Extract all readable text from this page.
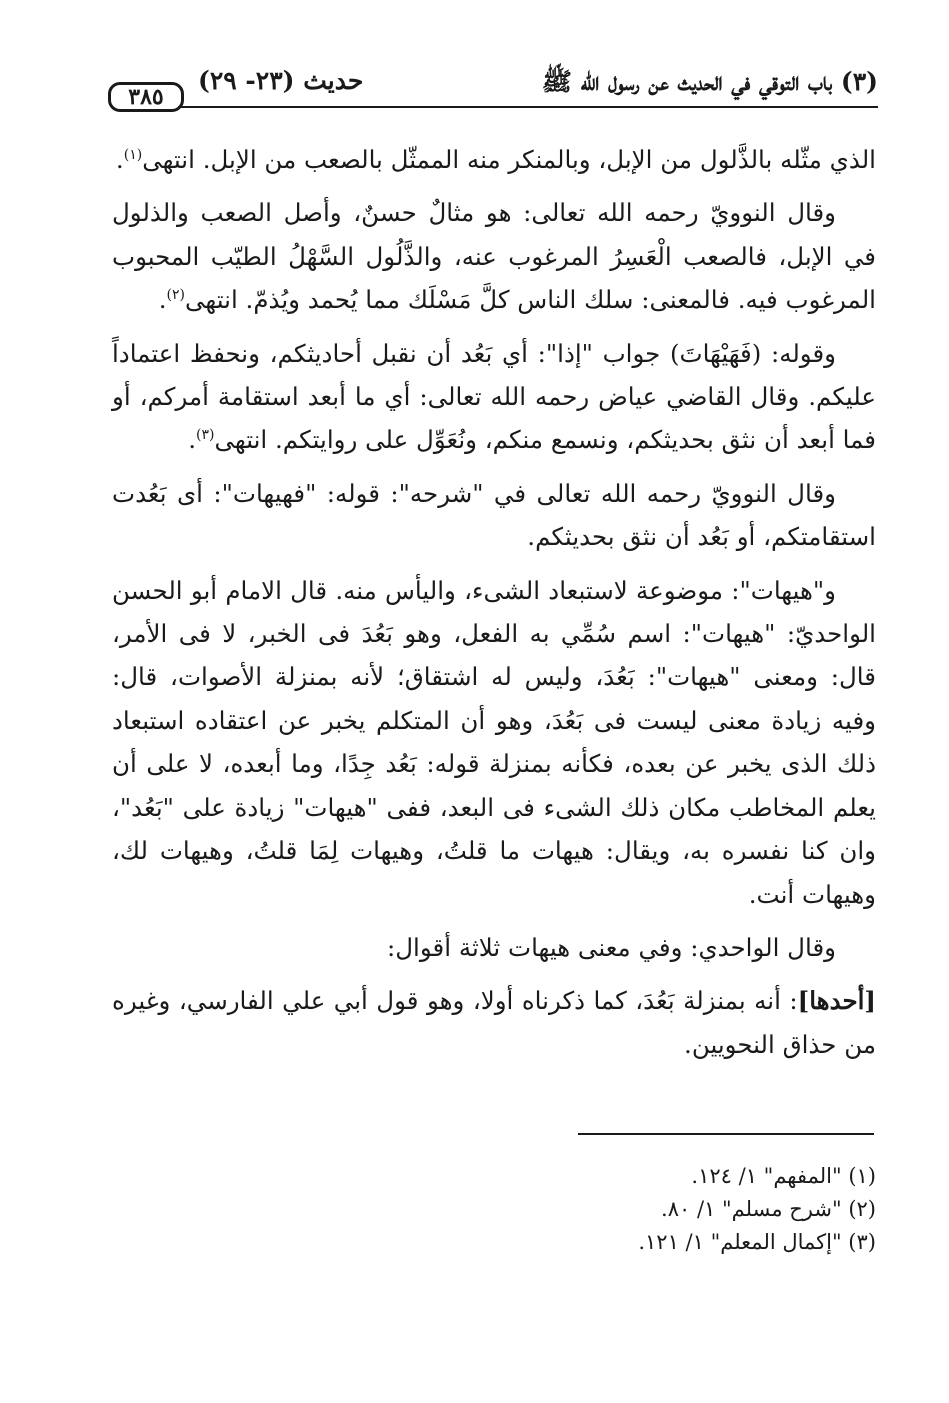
(٣) باب التوقي في الحديث عن رسول الله ﷺ
حديث (٢٣- ٢٩)
٣٨٥

الذي مثّله بالذَّلول من الإبل، وبالمنكر منه الممثّل بالصعب من الإبل. انتهى$^{(١)}$.

وقال النوويّ رحمه الله تعالى: هو مثالٌ حسنٌ، وأصل الصعب والذلول في الإبل، فالصعب الْعَسِرُ المرغوب عنه، والذَّلُول السَّهْلُ الطيّب المحبوب المرغوب فيه. فالمعنى: سلك الناس كلَّ مَسْلَك مما يُحمد ويُذمّ. انتهى$^{(٢)}$.

وقوله: (فَهَيْهَاتَ) جواب "إذا": أي بَعُد أن نقبل أحاديثكم، ونحفظ اعتماداً عليكم. وقال القاضي عياض رحمه الله تعالى: أي ما أبعد استقامة أمركم، أو فما أبعد أن نثق بحديثكم، ونسمع منكم، ونُعَوِّل على روايتكم. انتهى$^{(٣)}$.

وقال النوويّ رحمه الله تعالى في "شرحه": قوله: "فهيهات": أى بَعُدت استقامتكم، أو بَعُد أن نثق بحديثكم.

و"هيهات": موضوعة لاستبعاد الشىء، واليأس منه. قال الامام أبو الحسن الواحديّ: "هيهات": اسم سُمِّي به الفعل، وهو بَعُدَ فى الخبر، لا فى الأمر، قال: ومعنى "هيهات": بَعُدَ، وليس له اشتقاق؛ لأنه بمنزلة الأصوات، قال: وفيه زيادة معنى ليست فى بَعُدَ، وهو أن المتكلم يخبر عن اعتقاده استبعاد ذلك الذى يخبر عن بعده، فكأنه بمنزلة قوله: بَعُد جِدًا، وما أبعده، لا على أن يعلم المخاطب مكان ذلك الشىء فى البعد، ففى "هيهات" زيادة على "بَعُد"، وان كنا نفسره به، ويقال: هيهات ما قلتُ، وهيهات لِمَا قلتُ، وهيهات لك، وهيهات أنت.

وقال الواحدي: وفي معنى هيهات ثلاثة أقوال:

[أحدها]: أنه بمنزلة بَعُدَ، كما ذكرناه أولا، وهو قول أبي علي الفارسي، وغيره من حذاق النحويين.

(١) "المفهم" ١/ ١٢٤.
(٢) "شرح مسلم" ١/ ٨٠.
(٣) "إكمال المعلم" ١/ ١٢١.
